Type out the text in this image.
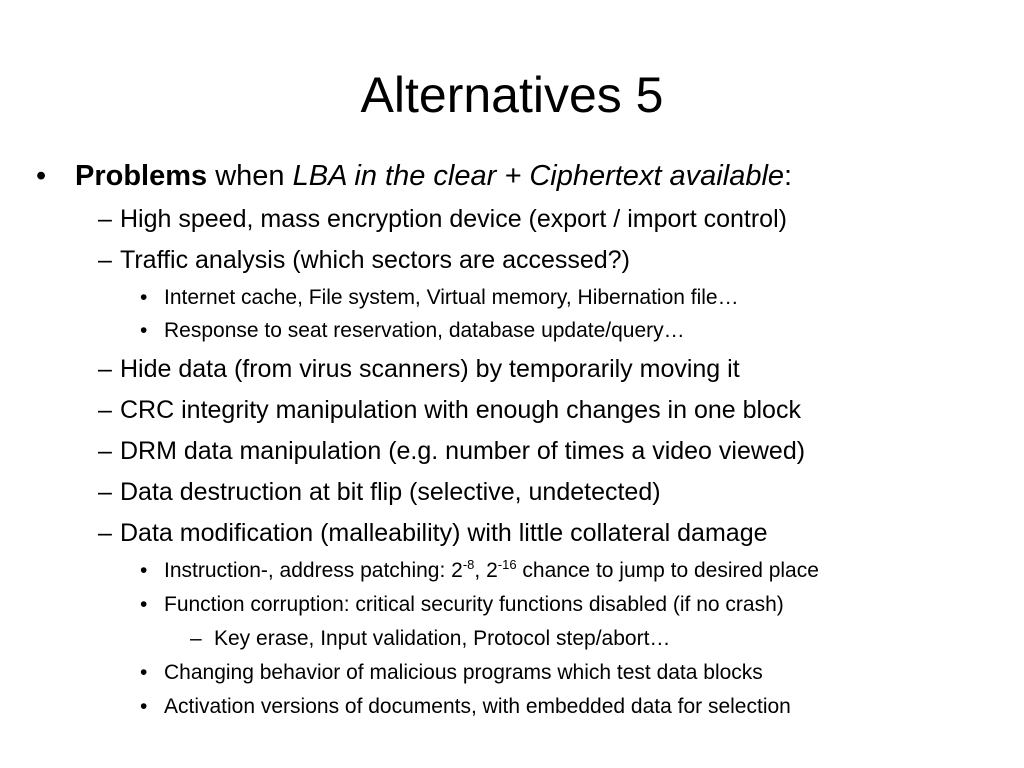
Alternatives 5
• Problems when LBA in the clear + Ciphertext available:
– High speed, mass encryption device (export / import control)
– Traffic analysis (which sectors are accessed?)
• Internet cache, File system, Virtual memory, Hibernation file…
• Response to seat reservation, database update/query…
– Hide data (from virus scanners) by temporarily moving it
– CRC integrity manipulation with enough changes in one block
– DRM data manipulation (e.g. number of times a video viewed)
– Data destruction at bit flip (selective, undetected)
– Data modification (malleability) with little collateral damage
• Instruction-, address patching: $2^{-8}$, $2^{-16}$ chance to jump to desired place
• Function corruption: critical security functions disabled (if no crash)
– Key erase, Input validation, Protocol step/abort…
• Changing behavior of malicious programs which test data blocks
• Activation versions of documents, with embedded data for selection
